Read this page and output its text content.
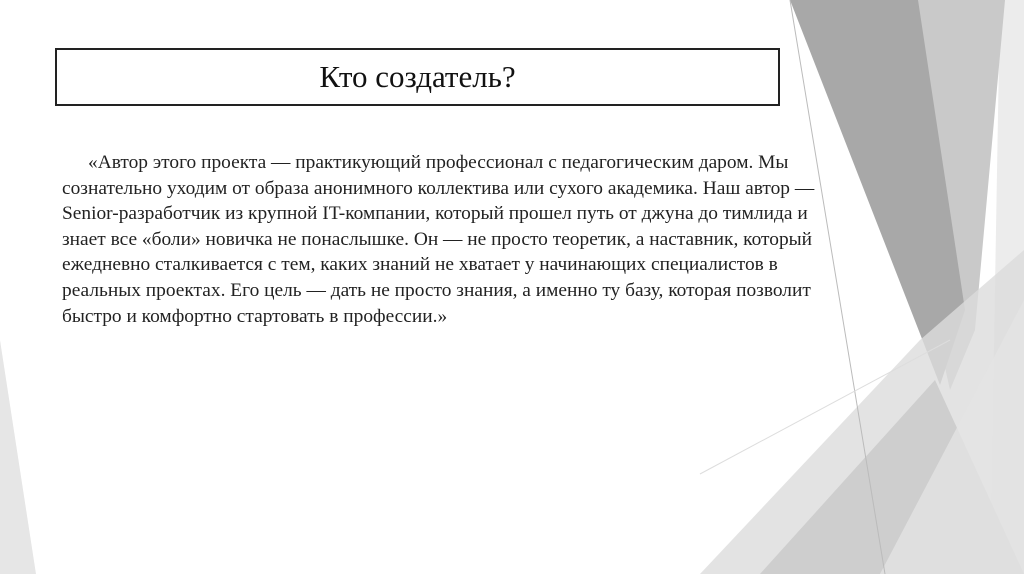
Кто создатель?

«Автор этого проекта — практикующий профессионал с педагогическим даром. Мы сознательно уходим от образа анонимного коллектива или сухого академика. Наш автор — Senior-разработчик из крупной IT-компании, который прошел путь от джуна до тимлида и знает все «боли» новичка не понаслышке. Он — не просто теоретик, а наставник, который ежедневно сталкивается с тем, каких знаний не хватает у начинающих специалистов в реальных проектах. Его цель — дать не просто знания, а именно ту базу, которая позволит быстро и комфортно стартовать в профессии.»
